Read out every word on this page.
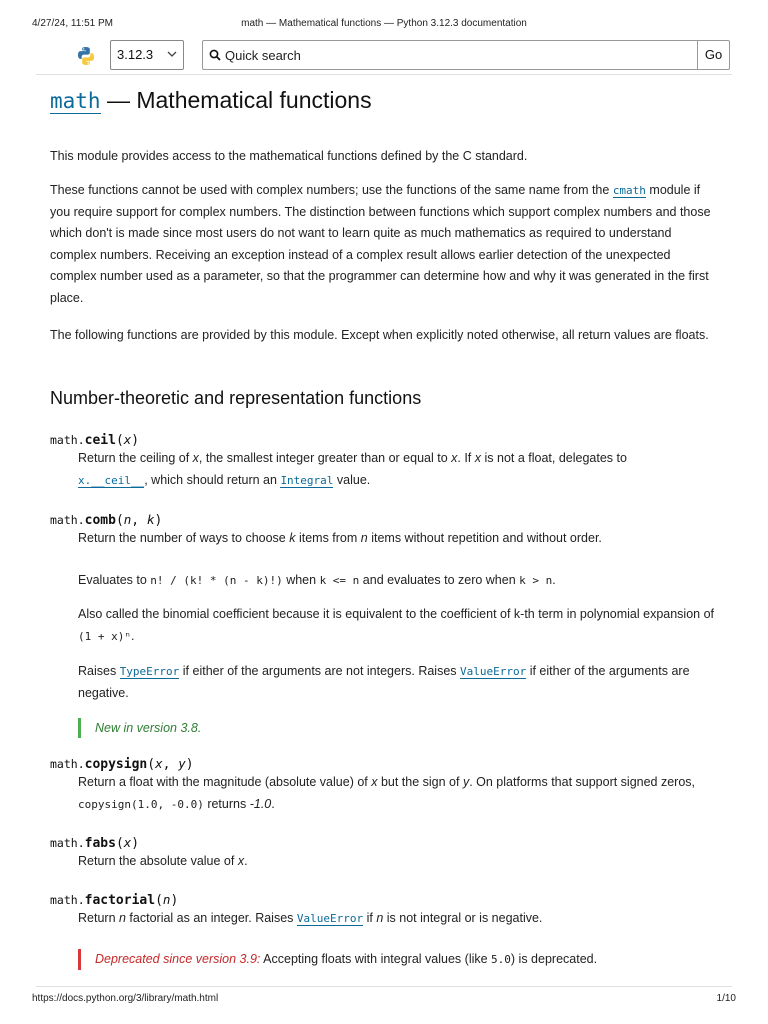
4/27/24, 11:51 PM	math — Mathematical functions — Python 3.12.3 documentation
3.12.3
Quick search	Go
math — Mathematical functions

This module provides access to the mathematical functions defined by the C standard.

These functions cannot be used with complex numbers; use the functions of the same name from the cmath module if you require support for complex numbers. The distinction between functions which support complex numbers and those which don't is made since most users do not want to learn quite as much mathematics as required to understand complex numbers. Receiving an exception instead of a complex result allows earlier detection of the unexpected complex number used as a parameter, so that the programmer can determine how and why it was generated in the first place.

The following functions are provided by this module. Except when explicitly noted otherwise, all return values are floats.

Number-theoretic and representation functions
math.ceil(x)

Return the ceiling of x, the smallest integer greater than or equal to x. If x is not a float, delegates to
x.__ceil__, which should return an Integral value.

math.comb(n, k)

Return the number of ways to choose k items from n items without repetition and without order.

Evaluates to n! / (k! * (n - k)!) when k <= n and evaluates to zero when k > n.

Also called the binomial coefficient because it is equivalent to the coefficient of k-th term in polynomial expansion of (1 + x)ⁿ.

Raises TypeError if either of the arguments are not integers. Raises ValueError if either of the arguments are negative.

New in version 3.8.
math.copysign(x, y)

Return a float with the magnitude (absolute value) of x but the sign of y. On platforms that support signed zeros, copysign(1.0, -0.0) returns -1.0.

math.fabs(x)

Return the absolute value of x.

math.factorial(n)

Return n factorial as an integer. Raises ValueError if n is not integral or is negative.

Deprecated since version 3.9: Accepting floats with integral values (like 5.0) is deprecated.
https://docs.python.org/3/library/math.html	1/10
